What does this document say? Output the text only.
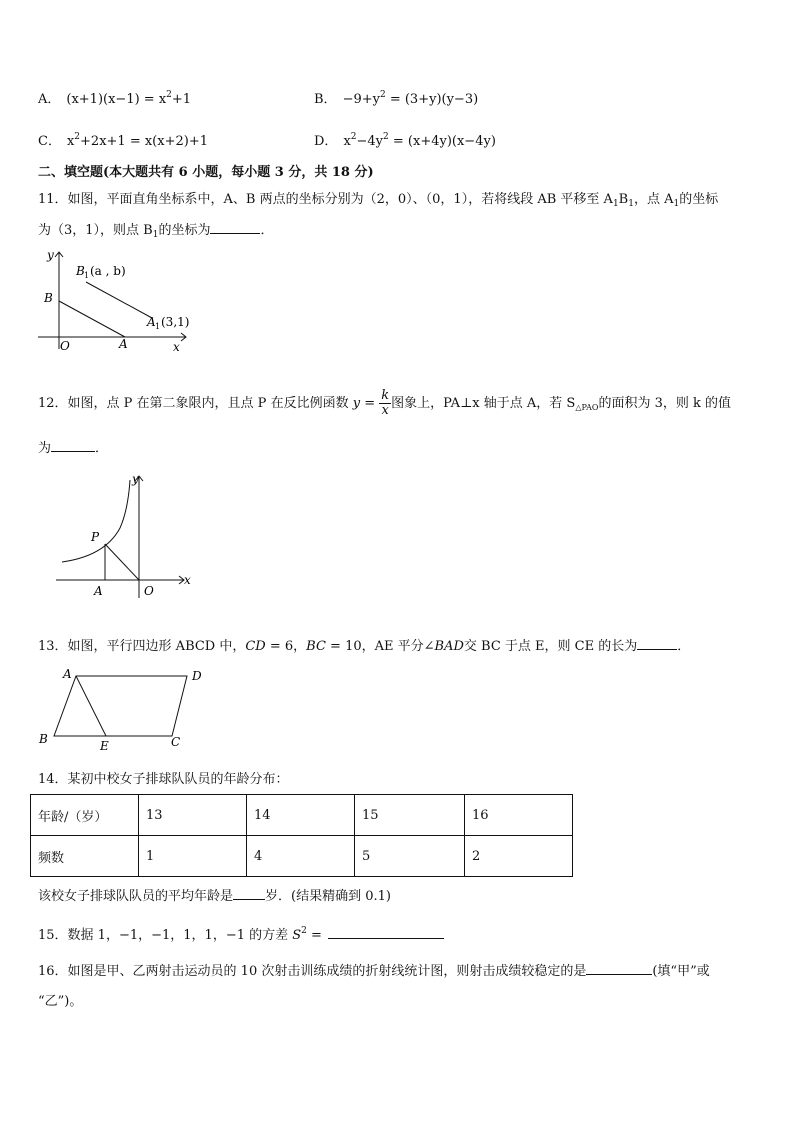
A． $(x+1)(x-1) = x^2+1$	B． $-9+y^2 = (3+y)(y-3)$
C． $x^2+2x+1 = x(x+2)+1$	D． $x^2-4y^2 = (x+4y)(x-4y)$
二、填空题(本大题共有 6 小题，每小题 3 分，共 18 分)
11．如图，平面直角坐标系中，A、B 两点的坐标分别为（2，0）、（0，1），若将线段 AB 平移至 $A_1B_1$，点 $A_1$的坐标
为（3，1），则点 $B_1$的坐标为	．
y
x
B
O	A
B 1 (a , b)
A 1 (3,1)
12．如图，点 P 在第二象限内，且点 P 在反比例函数 $y = \frac{k}{x}$ 图象上，PA⊥x 轴于点 A，若 $S_{\triangle PAO}$的面积为 3，则 k 的值
为	．
y
x
P
A	O
13．如图，平行四边形 ABCD 中，CD = 6，BC = 10，AE 平分∠BAD交 BC 于点 E，则 CE 的长为	．
A	D
B	E	C
14．某初中校女子排球队队员的年龄分布：
年龄/（岁）	13	14	15	16
频数	1	4	5	2
该校女子排球队队员的平均年龄是 岁．(结果精确到 0.1)
15．数据 1，−1，−1，1，1，−1 的方差 $S^2$ =
16．如图是甲、乙两射击运动员的 10 次射击训练成绩的折射线统计图，则射击成绩较稳定的是	(填“甲”或
“乙”)。
